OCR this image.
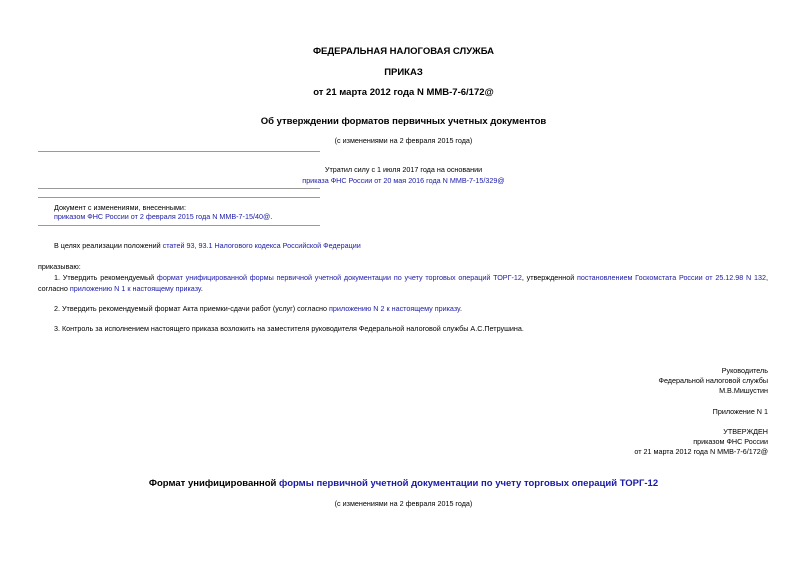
ФЕДЕРАЛЬНАЯ НАЛОГОВАЯ СЛУЖБА
ПРИКАЗ
от 21 марта 2012 года N ММВ-7-6/172@
Об утверждении форматов первичных учетных документов
(с изменениями на 2 февраля 2015 года)
Утратил силу с 1 июля 2017 года на основании
приказа ФНС России от 20 мая 2016 года N ММВ-7-15/329@
Документ с изменениями, внесенными:
приказом ФНС России от 2 февраля 2015 года N ММВ-7-15/40@.
В целях реализации положений статей 93, 93.1 Налогового кодекса Российской Федерации
приказываю:
1. Утвердить рекомендуемый формат унифицированной формы первичной учетной документации по учету торговых операций ТОРГ-12, утвержденной постановлением Госкомстата России от 25.12.98 N 132, согласно приложению N 1 к настоящему приказу.
2. Утвердить рекомендуемый формат Акта приемки-сдачи работ (услуг) согласно приложению N 2 к настоящему приказу.
3. Контроль за исполнением настоящего приказа возложить на заместителя руководителя Федеральной налоговой службы А.С.Петрушина.
Руководитель
Федеральной налоговой службы
М.В.Мишустин
Приложение N 1
УТВЕРЖДЕН
приказом ФНС России
от 21 марта 2012 года N ММВ-7-6/172@
Формат унифицированной формы первичной учетной документации по учету торговых операций ТОРГ-12
(с изменениями на 2 февраля 2015 года)
